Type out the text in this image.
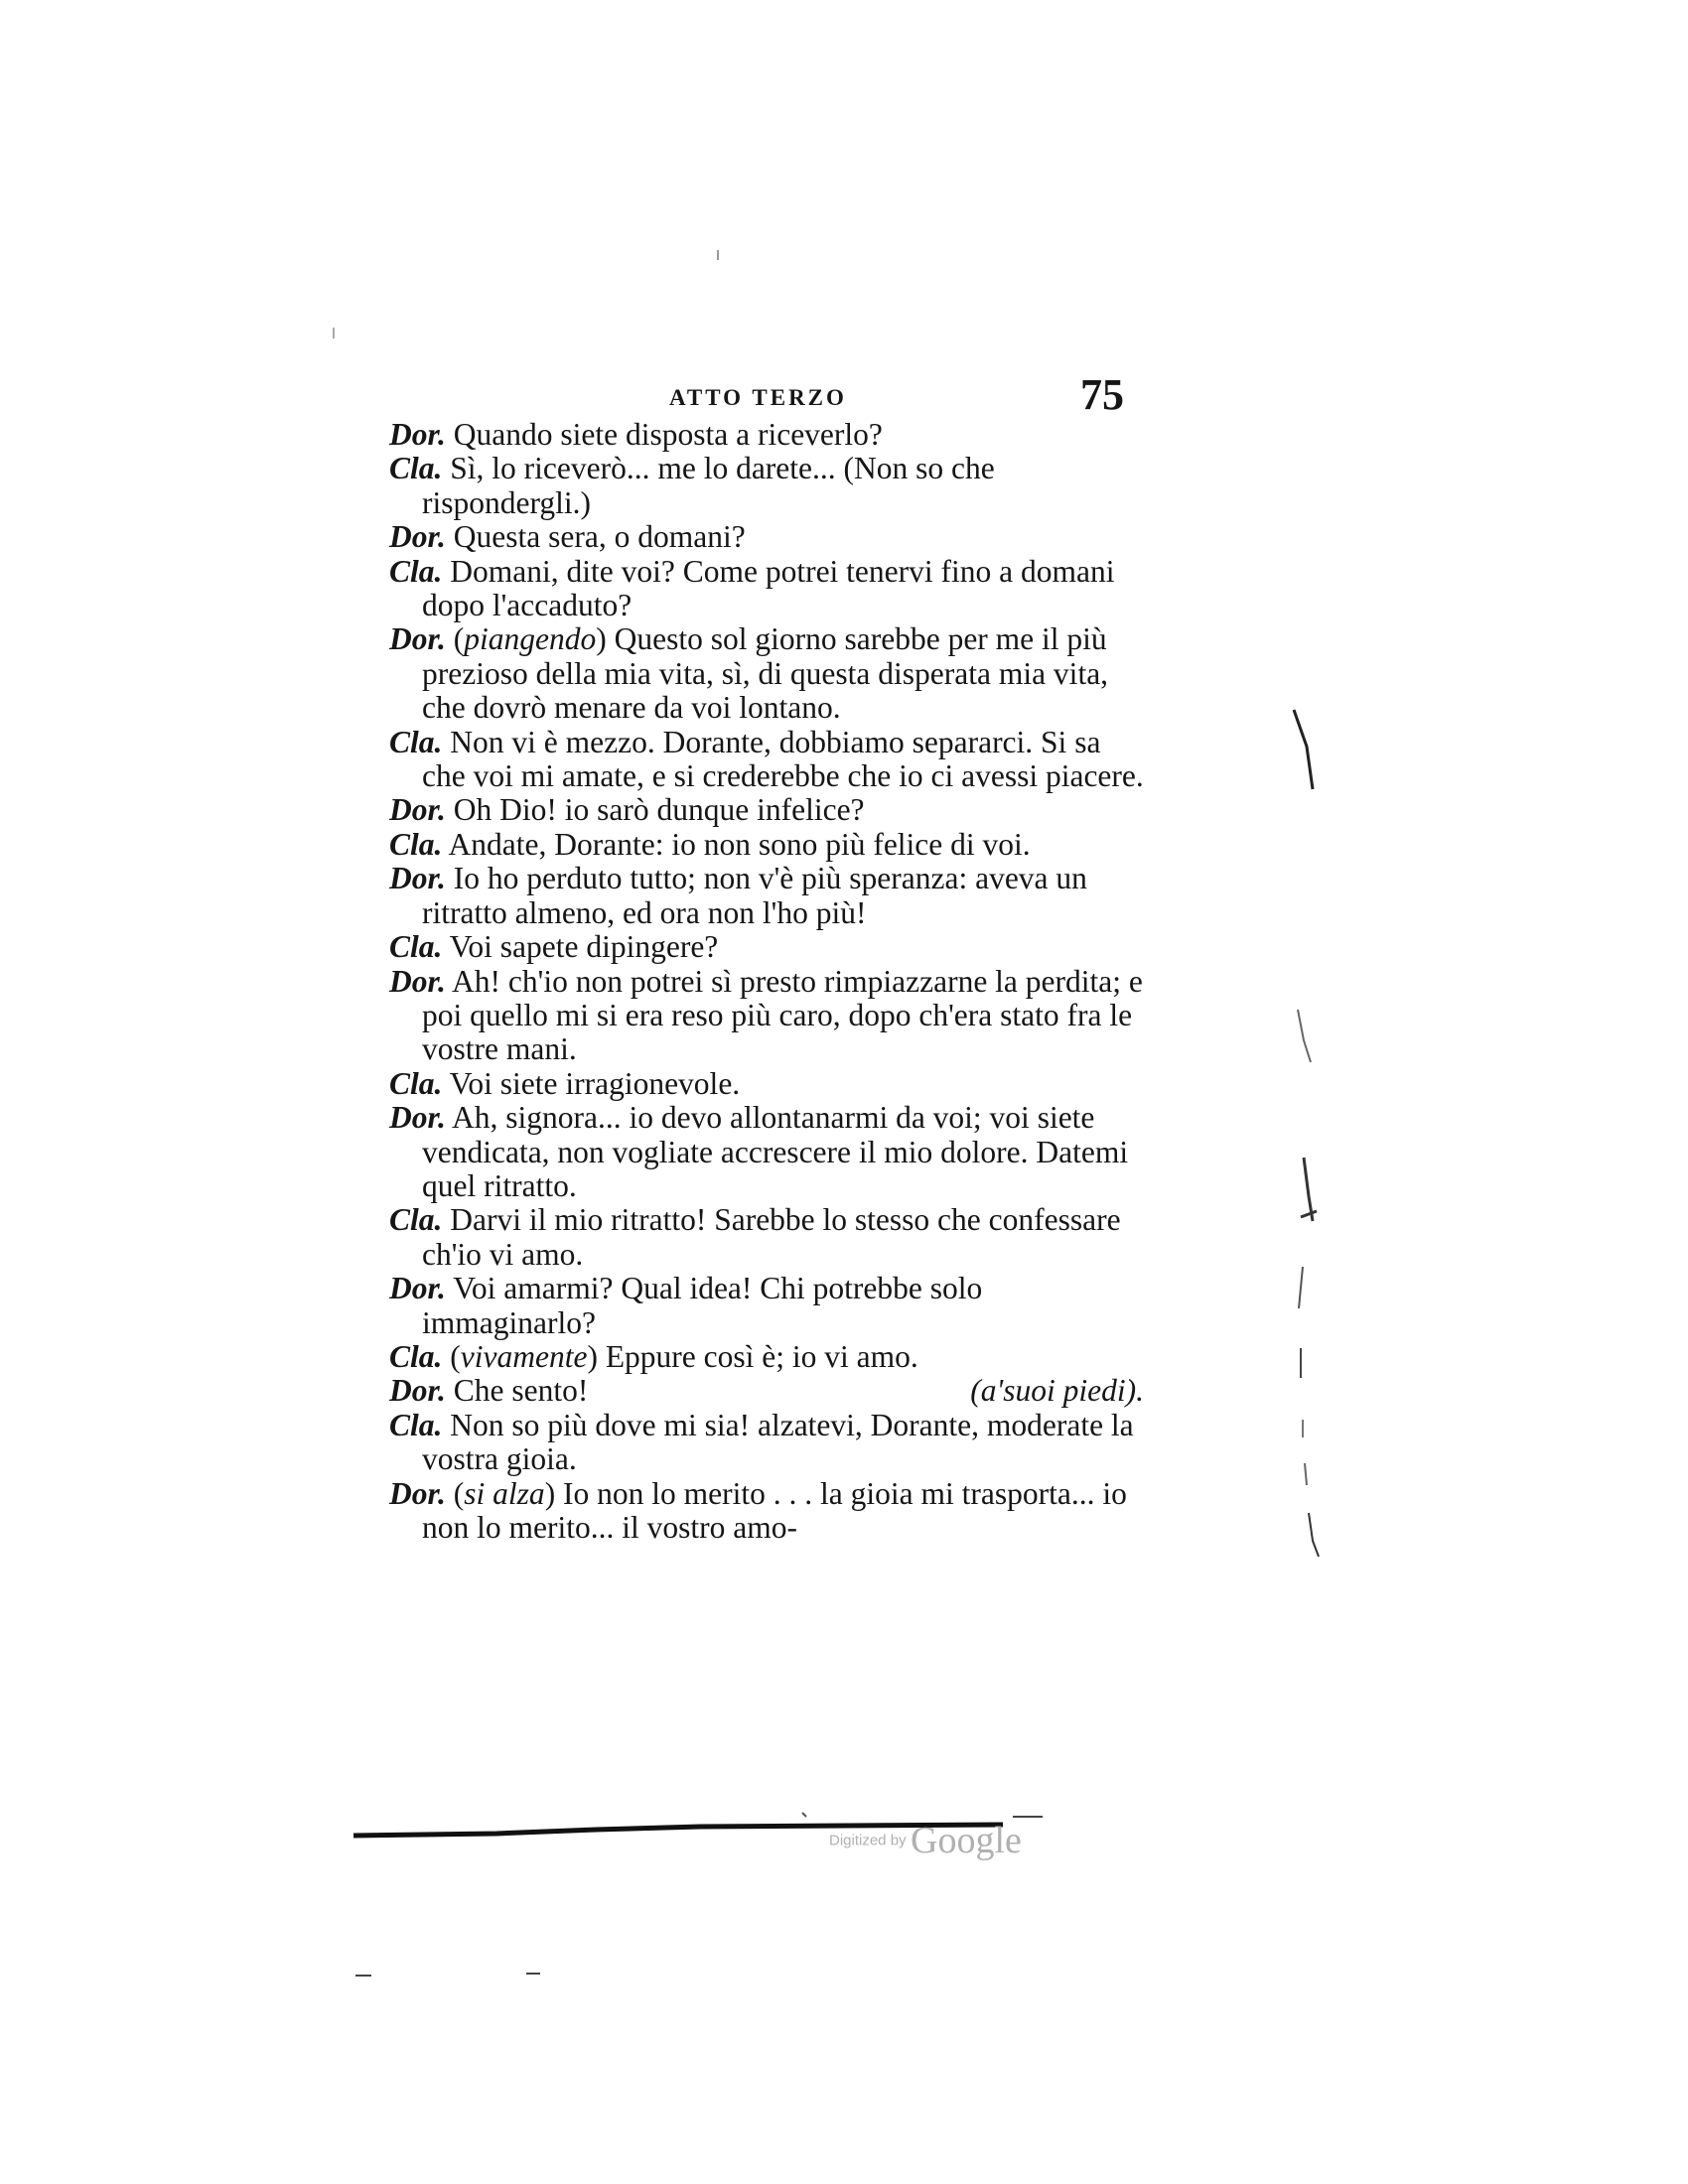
ATTO TERZO	75

Dor. Quando siete disposta a riceverlo?

Cla. Sì, lo riceverò... me lo darete... (Non so che rispondergli.)

Dor. Questa sera, o domani?

Cla. Domani, dite voi? Come potrei tenervi fino a domani dopo l'accaduto?

Dor. (piangendo) Questo sol giorno sarebbe per me il più prezioso della mia vita, sì, di questa disperata mia vita, che dovrò menare da voi lontano.

Cla. Non vi è mezzo. Dorante, dobbiamo separarci. Si sa che voi mi amate, e si crederebbe che io ci avessi piacere.

Dor. Oh Dio! io sarò dunque infelice?

Cla. Andate, Dorante: io non sono più felice di voi.

Dor. Io ho perduto tutto; non v'è più speranza: aveva un ritratto almeno, ed ora non l'ho più!

Cla. Voi sapete dipingere?

Dor. Ah! ch'io non potrei sì presto rimpiazzarne la perdita; e poi quello mi si era reso più caro, dopo ch'era stato fra le vostre mani.

Cla. Voi siete irragionevole.

Dor. Ah, signora... io devo allontanarmi da voi; voi siete vendicata, non vogliate accrescere il mio dolore. Datemi quel ritratto.

Cla. Darvi il mio ritratto! Sarebbe lo stesso che confessare ch'io vi amo.

Dor. Voi amarmi? Qual idea! Chi potrebbe solo immaginarlo?

Cla. (vivamente) Eppure così è; io vi amo.

Dor. Che sento!	(a'suoi piedi).

Cla. Non so più dove mi sia! alzatevi, Dorante, moderate la vostra gioia.

Dor. (si alza) Io non lo merito . . . la gioia mi trasporta... io non lo merito... il vostro amo-

Digitized by Google
